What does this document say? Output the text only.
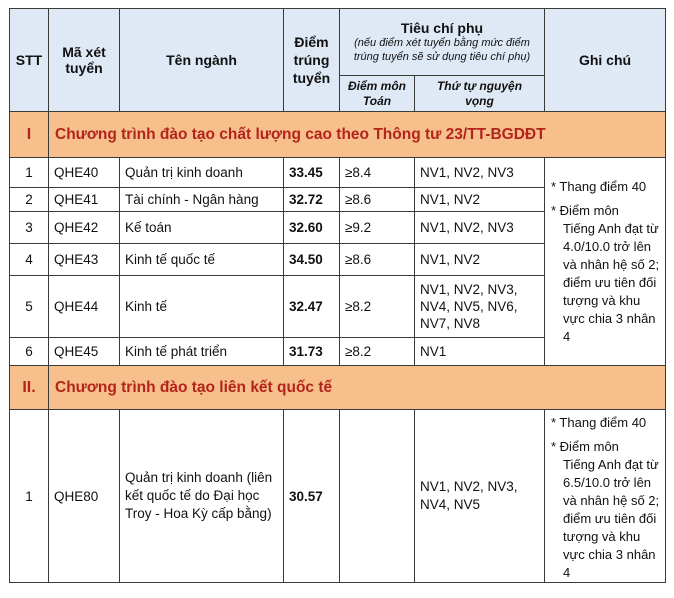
STT	Mã xét tuyển	Tên ngành	Điểm trúng tuyển	Tiêu chí phụ
(nếu điểm xét tuyển bằng mức điểm trúng tuyển sẽ sử dụng tiêu chí phụ)		Ghi chú
				Điểm môn Toán	Thứ tự nguyện vọng	
I	Chương trình đào tạo chất lượng cao theo Thông tư 23/TT-BGDĐT					
1	QHE40	Quản trị kinh doanh	33.45	≥8.4	NV1, NV2, NV3	* Thang điểm 40

* Điểm môn
Tiếng Anh đạt từ 4.0/10.0 trở lên và nhân hệ số 2; điểm ưu tiên đối tượng và khu vực chia 3 nhân 4

2	QHE41	Tài chính - Ngân hàng	32.72	≥8.6	NV1, NV2	
3	QHE42	Kế toán	32.60	≥9.2	NV1, NV2, NV3	
4	QHE43	Kinh tế quốc tế	34.50	≥8.6	NV1, NV2	
5	QHE44	Kinh tế	32.47	≥8.2	NV1, NV2, NV3, NV4, NV5, NV6, NV7, NV8	
6	QHE45	Kinh tế phát triển	31.73	≥8.2	NV1	
II.	Chương trình đào tạo liên kết quốc tế					
1	QHE80	Quản trị kinh doanh (liên kết quốc tế do Đại học Troy - Hoa Kỳ cấp bằng)	30.57		NV1, NV2, NV3, NV4, NV5	* Thang điểm 40

* Điểm môn
Tiếng Anh đạt từ 6.5/10.0 trở lên và nhân hệ số 2; điểm ưu tiên đối tượng và khu vực chia 3 nhân 4
